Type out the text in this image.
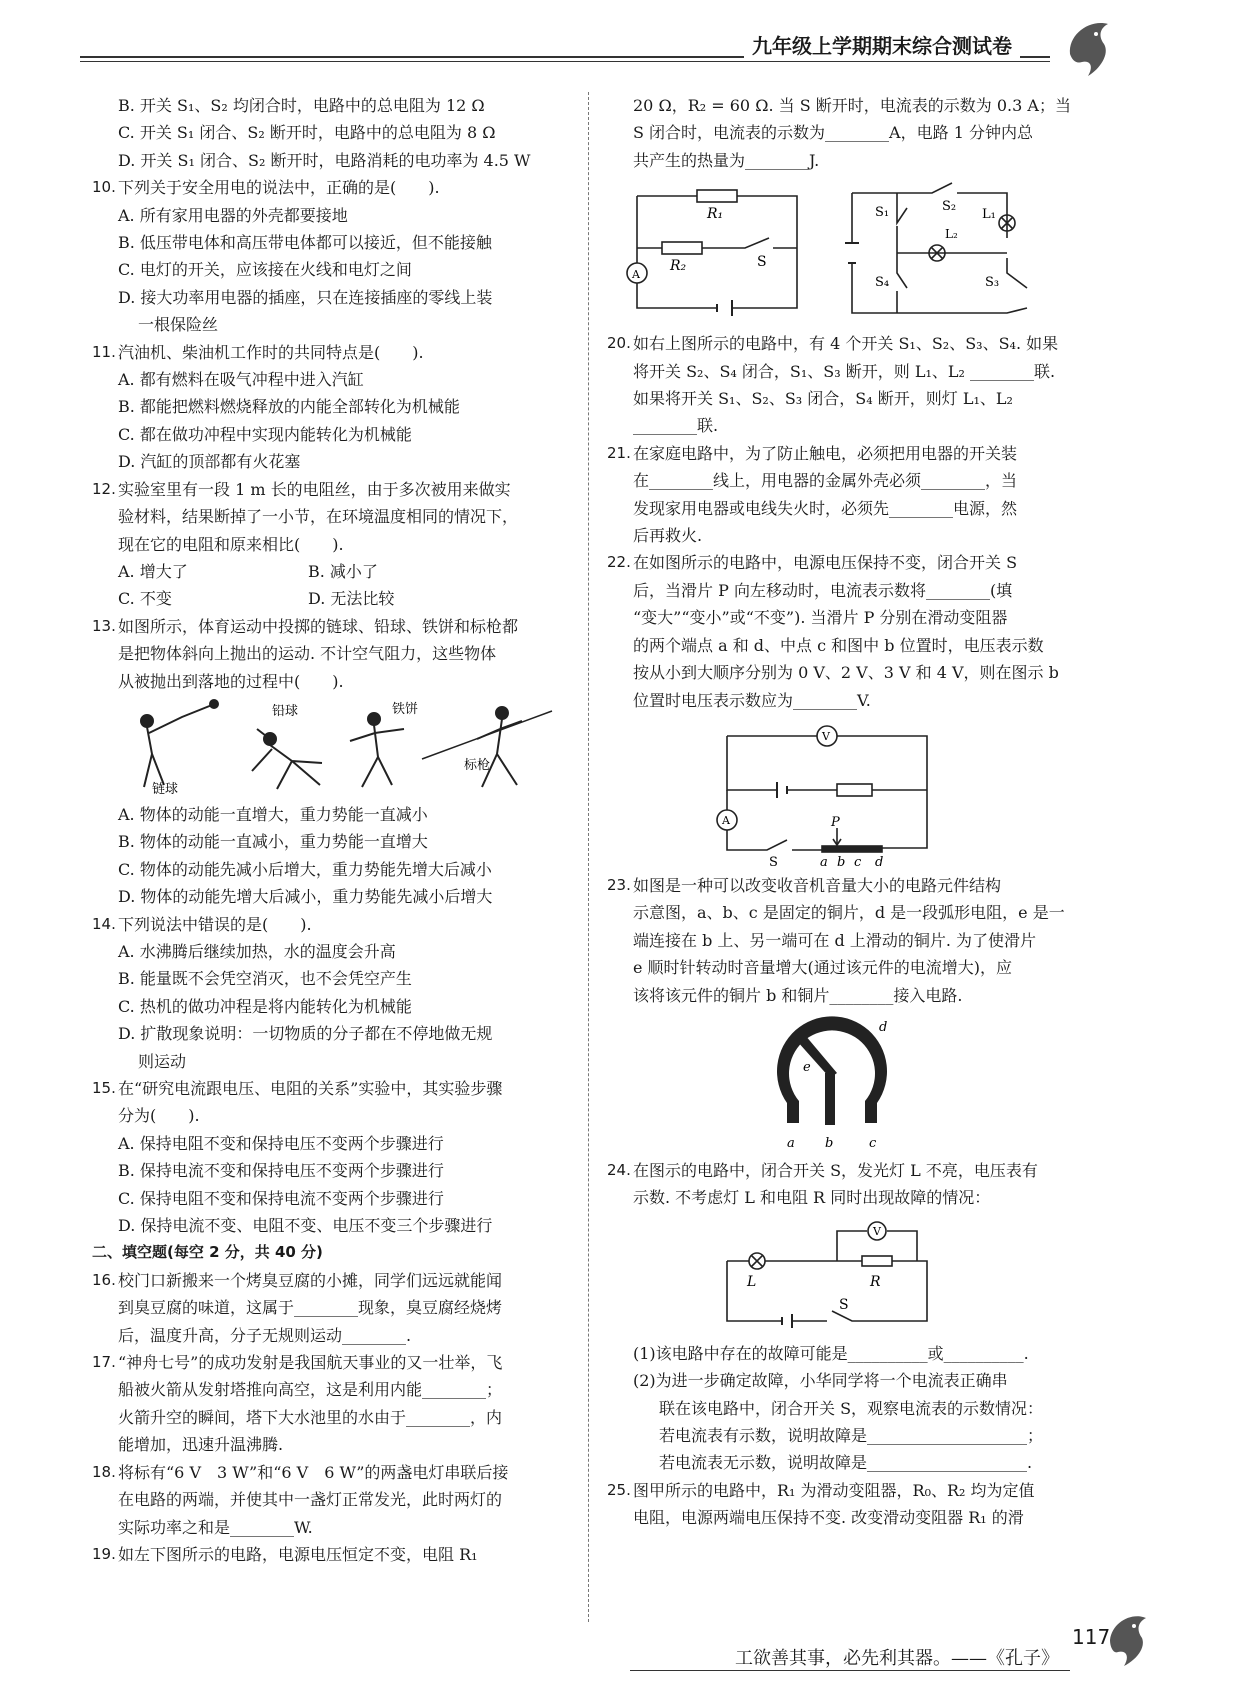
九年级上学期期末综合测试卷
B. 开关 S₁、S₂ 均闭合时，电路中的总电阻为 12 Ω
C. 开关 S₁ 闭合、S₂ 断开时，电路中的总电阻为 8 Ω
D. 开关 S₁ 闭合、S₂ 断开时，电路消耗的电功率为 4.5 W
10. 下列关于安全用电的说法中，正确的是(　　).
A. 所有家用电器的外壳都要接地
B. 低压带电体和高压带电体都可以接近，但不能接触
C. 电灯的开关，应该接在火线和电灯之间
D. 接大功率用电器的插座，只在连接插座的零线上装
一根保险丝
11. 汽油机、柴油机工作时的共同特点是(　　).
A. 都有燃料在吸气冲程中进入汽缸
B. 都能把燃料燃烧释放的内能全部转化为机械能
C. 都在做功冲程中实现内能转化为机械能
D. 汽缸的顶部都有火花塞
12. 实验室里有一段 1 m 长的电阻丝，由于多次被用来做实
验材料，结果断掉了一小节，在环境温度相同的情况下，
现在它的电阻和原来相比(　　).
A. 增大了	B. 减小了
C. 不变	D. 无法比较
13. 如图所示，体育运动中投掷的链球、铅球、铁饼和标枪都
是把物体斜向上抛出的运动. 不计空气阻力，这些物体
从被抛出到落地的过程中(　　).
铅球	铁饼
链球
标枪
A. 物体的动能一直增大，重力势能一直减小
B. 物体的动能一直减小，重力势能一直增大
C. 物体的动能先减小后增大，重力势能先增大后减小
D. 物体的动能先增大后减小，重力势能先减小后增大
14. 下列说法中错误的是(　　).
A. 水沸腾后继续加热，水的温度会升高
B. 能量既不会凭空消灭，也不会凭空产生
C. 热机的做功冲程是将内能转化为机械能
D. 扩散现象说明：一切物质的分子都在不停地做无规
则运动
15. 在“研究电流跟电压、电阻的关系”实验中，其实验步骤
分为(　　).
A. 保持电阻不变和保持电压不变两个步骤进行
B. 保持电流不变和保持电压不变两个步骤进行
C. 保持电阻不变和保持电流不变两个步骤进行
D. 保持电流不变、电阻不变、电压不变三个步骤进行
二、填空题(每空 2 分，共 40 分)
16. 校门口新搬来一个烤臭豆腐的小摊，同学们远远就能闻
到臭豆腐的味道，这属于________现象，臭豆腐经烧烤
后，温度升高，分子无规则运动________.
17. “神舟七号”的成功发射是我国航天事业的又一壮举，飞
船被火箭从发射塔推向高空，这是利用内能________；
火箭升空的瞬间，塔下大水池里的水由于________，内
能增加，迅速升温沸腾.
18. 将标有“6 V　3 W”和“6 V　6 W”的两盏电灯串联后接
在电路的两端，并使其中一盏灯正常发光，此时两灯的
实际功率之和是________W.
19. 如左下图所示的电路，电源电压恒定不变，电阻 R₁
20 Ω，R₂ = 60 Ω. 当 S 断开时，电流表的示数为 0.3 A；当
S 闭合时，电流表的示数为________A，电路 1 分钟内总
共产生的热量为________J.
R₁
R₂	S
A
S₂
S₁	L₁
L₂
S₄	S₃
20. 如右上图所示的电路中，有 4 个开关 S₁、S₂、S₃、S₄. 如果
将开关 S₂、S₄ 闭合，S₁、S₃ 断开，则 L₁、L₂ ________联.
如果将开关 S₁、S₂、S₃ 闭合，S₄ 断开，则灯 L₁、L₂
________联.
21. 在家庭电路中，为了防止触电，必须把用电器的开关装
在________线上，用电器的金属外壳必须________，当
发现家用电器或电线失火时，必须先________电源，然
后再救火.
22. 在如图所示的电路中，电源电压保持不变，闭合开关 S
后，当滑片 P 向左移动时，电流表示数将________(填
“变大”“变小”或“不变”). 当滑片 P 分别在滑动变阻器
的两个端点 a 和 d、中点 c 和图中 b 位置时，电压表示数
按从小到大顺序分别为 0 V、2 V、3 V 和 4 V，则在图示 b
位置时电压表示数应为________V.
V
A
S
P
a b c d
23. 如图是一种可以改变收音机音量大小的电路元件结构
示意图，a、b、c 是固定的铜片，d 是一段弧形电阻，e 是一
端连接在 b 上、另一端可在 d 上滑动的铜片. 为了使滑片
e 顺时针转动时音量增大(通过该元件的电流增大)，应
该将该元件的铜片 b 和铜片________接入电路.
d
e
a b	c
24. 在图示的电路中，闭合开关 S，发光灯 L 不亮，电压表有
示数. 不考虑灯 L 和电阻 R 同时出现故障的情况：
V
L	R
S
(1)该电路中存在的故障可能是__________或__________.
(2)为进一步确定故障，小华同学将一个电流表正确串
联在该电路中，闭合开关 S，观察电流表的示数情况：
若电流表有示数，说明故障是____________________；
若电流表无示数，说明故障是____________________.
25. 图甲所示的电路中，R₁ 为滑动变阻器，R₀、R₂ 均为定值
电阻，电源两端电压保持不变. 改变滑动变阻器 R₁ 的滑
117
工欲善其事，必先利其器。——《孔子》
